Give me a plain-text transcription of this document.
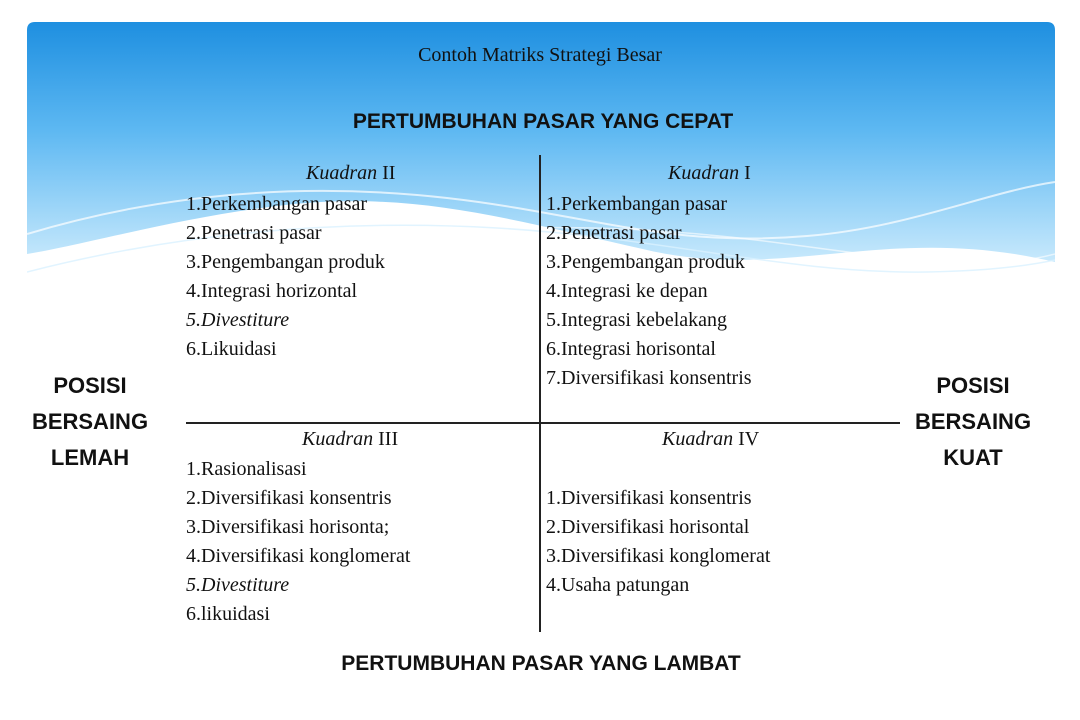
Contoh Matriks Strategi Besar
PERTUMBUHAN PASAR YANG CEPAT
PERTUMBUHAN PASAR YANG LAMBAT
POSISI
BERSAING
LEMAH
POSISI
BERSAING
KUAT
Kuadran II
1.Perkembangan pasar
2.Penetrasi pasar
3.Pengembangan produk
4.Integrasi horizontal
5.Divestiture
6.Likuidasi
Kuadran I
1.Perkembangan pasar
2.Penetrasi pasar
3.Pengembangan produk
4.Integrasi ke depan
5.Integrasi kebelakang
6.Integrasi horisontal
7.Diversifikasi konsentris
Kuadran III
1.Rasionalisasi
2.Diversifikasi konsentris
3.Diversifikasi horisonta;
4.Diversifikasi konglomerat
5.Divestiture
6.likuidasi
Kuadran IV
1.Diversifikasi konsentris
2.Diversifikasi horisontal
3.Diversifikasi konglomerat
4.Usaha patungan
